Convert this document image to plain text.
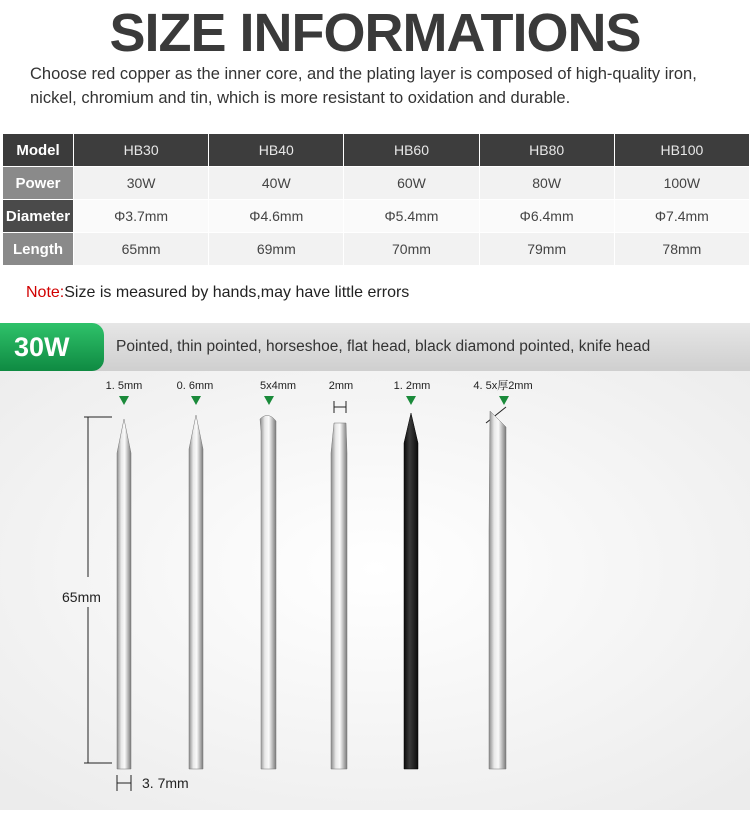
SIZE INFORMATIONS
Choose red copper as the inner core, and the plating layer is composed of high-quality iron, nickel, chromium and tin, which is more resistant to oxidation and durable.
Model	HB30	HB40	HB60	HB80	HB100
Power	30W	40W	60W	80W	100W
Diameter	Φ3.7mm	Φ4.6mm	Φ5.4mm	Φ6.4mm	Φ7.4mm
Length	65mm	69mm	70mm	79mm	78mm
Note:Size is measured by hands,may have little errors
30W	Pointed, thin pointed, horseshoe, flat head, black diamond pointed, knife head
1. 5mm	0. 6mm	5x4mm	2mm	1. 2mm	4. 5x厚2mm
65mm
3. 7mm
